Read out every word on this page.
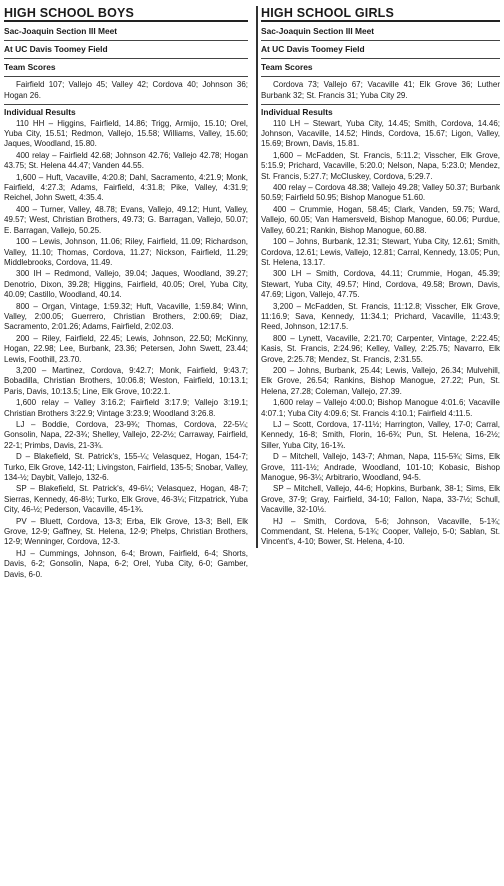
HIGH SCHOOL BOYS
Sac-Joaquin Section III Meet
At UC Davis Toomey Field
Team Scores
Fairfield 107; Vallejo 45; Valley 42; Cordova 40; Johnson 36; Hogan 26.
Individual Results

110 HH – Higgins, Fairfield, 14.86; Trigg, Armijo, 15.10; Orel, Yuba City, 15.51; Redmon, Vallejo, 15.58; Williams, Valley, 15.60; Jaques, Woodland, 15.80.

400 relay – Fairfield 42.68; Johnson 42.76; Vallejo 42.78; Hogan 43.75; St. Helena 44.47; Vanden 44.55.

1,600 – Huft, Vacaville, 4:20.8; Dahl, Sacramento, 4:21.9; Monk, Fairfield, 4:27.3; Adams, Fairfield, 4:31.8; Pike, Valley, 4:31.9; Reichel, John Swett, 4:35.4.

400 – Turner, Valley, 48.78; Evans, Vallejo, 49.12; Hunt, Valley, 49.57; West, Christian Brothers, 49.73; G. Barragan, Vallejo, 50.07; E. Barragan, Vallejo, 50.25.

100 – Lewis, Johnson, 11.06; Riley, Fairfield, 11.09; Richardson, Valley, 11.10; Thomas, Cordova, 11.27; Nickson, Fairfield, 11.29; Middlebrooks, Cordova, 11.49.

300 IH – Redmond, Vallejo, 39.04; Jaques, Woodland, 39.27; Denotrio, Dixon, 39.28; Higgins, Fairfield, 40.05; Orel, Yuba City, 40.09; Castillo, Woodland, 40.14.

800 – Organ, Vintage, 1:59.32; Huft, Vacaville, 1:59.84; Winn, Valley, 2:00.05; Guerrero, Christian Brothers, 2:00.69; Diaz, Sacramento, 2:01.26; Adams, Fairfield, 2:02.03.

200 – Riley, Fairfield, 22.45; Lewis, Johnson, 22.50; McKinny, Hogan, 22.98; Lee, Burbank, 23.36; Petersen, John Swett, 23.44; Lewis, Foothill, 23.70.

3,200 – Martinez, Cordova, 9:42.7; Monk, Fairfield, 9:43.7; Bobadilla, Christian Brothers, 10:06.8; Weston, Fairfield, 10:13.1; Paris, Davis, 10:13.5; Line, Elk Grove, 10:22.1.

1,600 relay – Valley 3:16.2; Fairfield 3:17.9; Vallejo 3:19.1; Christian Brothers 3:22.9; Vintage 3:23.9; Woodland 3:26.8.

LJ – Boddie, Cordova, 23-9¾; Thomas, Cordova, 22-5¼; Gonsolin, Napa, 22-3¾; Shelley, Vallejo, 22-2½; Carraway, Fairfield, 22-1; Primbs, Davis, 21-3¾.

D – Blakefield, St. Patrick's, 155-¼; Velasquez, Hogan, 154-7; Turko, Elk Grove, 142-11; Livingston, Fairfield, 135-5; Snobar, Valley, 134-½; Daybit, Vallejo, 132-6.

SP – Blakefield, St. Patrick's, 49-6¼; Velasquez, Hogan, 48-7; Sierras, Kennedy, 46-8½; Turko, Elk Grove, 46-3¼; Fitzpatrick, Yuba City, 46-½; Pederson, Vacaville, 45-1¾.

PV – Bluett, Cordova, 13-3; Erba, Elk Grove, 13-3; Bell, Elk Grove, 12-9; Gaffney, St. Helena, 12-9; Phelps, Christian Brothers, 12-9; Wenninger, Cordova, 12-3.

HJ – Cummings, Johnson, 6-4; Brown, Fairfield, 6-4; Shorts, Davis, 6-2; Gonsolin, Napa, 6-2; Orel, Yuba City, 6-0; Gamber, Davis, 6-0.

HIGH SCHOOL GIRLS
Sac-Joaquin Section III Meet
At UC Davis Toomey Field
Team Scores
Cordova 73; Vallejo 67; Vacaville 41; Elk Grove 36; Luther Burbank 32; St. Francis 31; Yuba City 29.
Individual Results

110 LH – Stewart, Yuba City, 14.45; Smith, Cordova, 14.46; Johnson, Vacaville, 14.52; Hinds, Cordova, 15.67; Ligon, Valley, 15.69; Brown, Davis, 15.81.

1,600 – McFadden, St. Francis, 5:11.2; Visscher, Elk Grove, 5:15.9; Prichard, Vacaville, 5:20.0; Nelson, Napa, 5:23.0; Mendez, St. Francis, 5:27.7; McCluskey, Cordova, 5:29.7.

400 relay – Cordova 48.38; Vallejo 49.28; Valley 50.37; Burbank 50.59; Fairfield 50.95; Bishop Manogue 51.60.

400 – Crummie, Hogan, 58.45; Clark, Vanden, 59.75; Ward, Vallejo, 60.05; Van Hamersveld, Bishop Manogue, 60.06; Purdue, Valley, 60.21; Rankin, Bishop Manogue, 60.88.

100 – Johns, Burbank, 12.31; Stewart, Yuba City, 12.61; Smith, Cordova, 12.61; Lewis, Vallejo, 12.81; Carral, Kennedy, 13.05; Pun, St. Helena, 13.17.

300 LH – Smith, Cordova, 44.11; Crummie, Hogan, 45.39; Stewart, Yuba City, 49.57; Hind, Cordova, 49.58; Brown, Davis, 47.69; Ligon, Vallejo, 47.75.

3,200 – McFadden, St. Francis, 11:12.8; Visscher, Elk Grove, 11:16.9; Sava, Kennedy, 11:34.1; Prichard, Vacaville, 11:43.9; Reed, Johnson, 12:17.5.

800 – Lynett, Vacaville, 2:21.70; Carpenter, Vintage, 2:22.45; Kasis, St. Francis, 2:24.96; Kelley, Valley, 2:25.75; Navarro, Elk Grove, 2:25.78; Mendez, St. Francis, 2:31.55.

200 – Johns, Burbank, 25.44; Lewis, Vallejo, 26.34; Mulvehill, Elk Grove, 26.54; Rankins, Bishop Manogue, 27.22; Pun, St. Helena, 27.28; Coleman, Vallejo, 27.39.

1,600 relay – Vallejo 4:00.0; Bishop Manogue 4:01.6; Vacaville 4:07.1; Yuba City 4:09.6; St. Francis 4:10.1; Fairfield 4:11.5.

LJ – Scott, Cordova, 17-11½; Harrington, Valley, 17-0; Carral, Kennedy, 16-8; Smith, Florin, 16-6¾; Pun, St. Helena, 16-2½; Siller, Yuba City, 16-1¾.

D – Mitchell, Vallejo, 143-7; Ahman, Napa, 115-5¾; Sims, Elk Grove, 111-1½; Andrade, Woodland, 101-10; Kobasic, Bishop Manogue, 96-3¼; Arbitrario, Woodland, 94-5.

SP – Mitchell, Vallejo, 44-6; Hopkins, Burbank, 38-1; Sims, Elk Grove, 37-9; Gray, Fairfield, 34-10; Fallon, Napa, 33-7½; Schull, Vacaville, 32-10½.

HJ – Smith, Cordova, 5-6; Johnson, Vacaville, 5-1¾; Commendant, St. Helena, 5-1¾; Cooper, Vallejo, 5-0; Sablan, St. Vincent's, 4-10; Bower, St. Helena, 4-10.
